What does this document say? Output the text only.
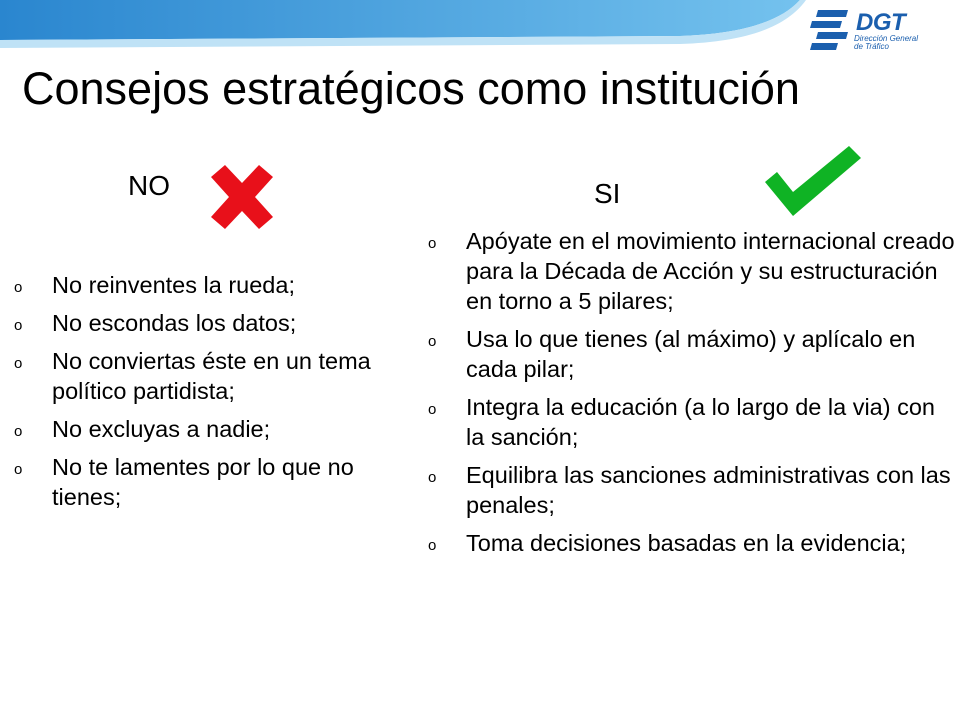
DGT
Dirección General
de Tráfico
Consejos estratégicos como institución
NO	SI
o No reinventes la rueda;
o No escondas los datos;
o No conviertas éste en un tema político partidista;
o No excluyas a nadie;
o No te lamentes por lo que no tienes;
o Apóyate en el movimiento internacional creado para la Década de Acción y su estructuración en torno a 5 pilares;
o Usa lo que tienes (al máximo) y aplícalo en cada pilar;
o Integra la educación (a lo largo de la via) con la sanción;
o Equilibra las sanciones administrativas con las penales;
o Toma decisiones basadas en la evidencia;
